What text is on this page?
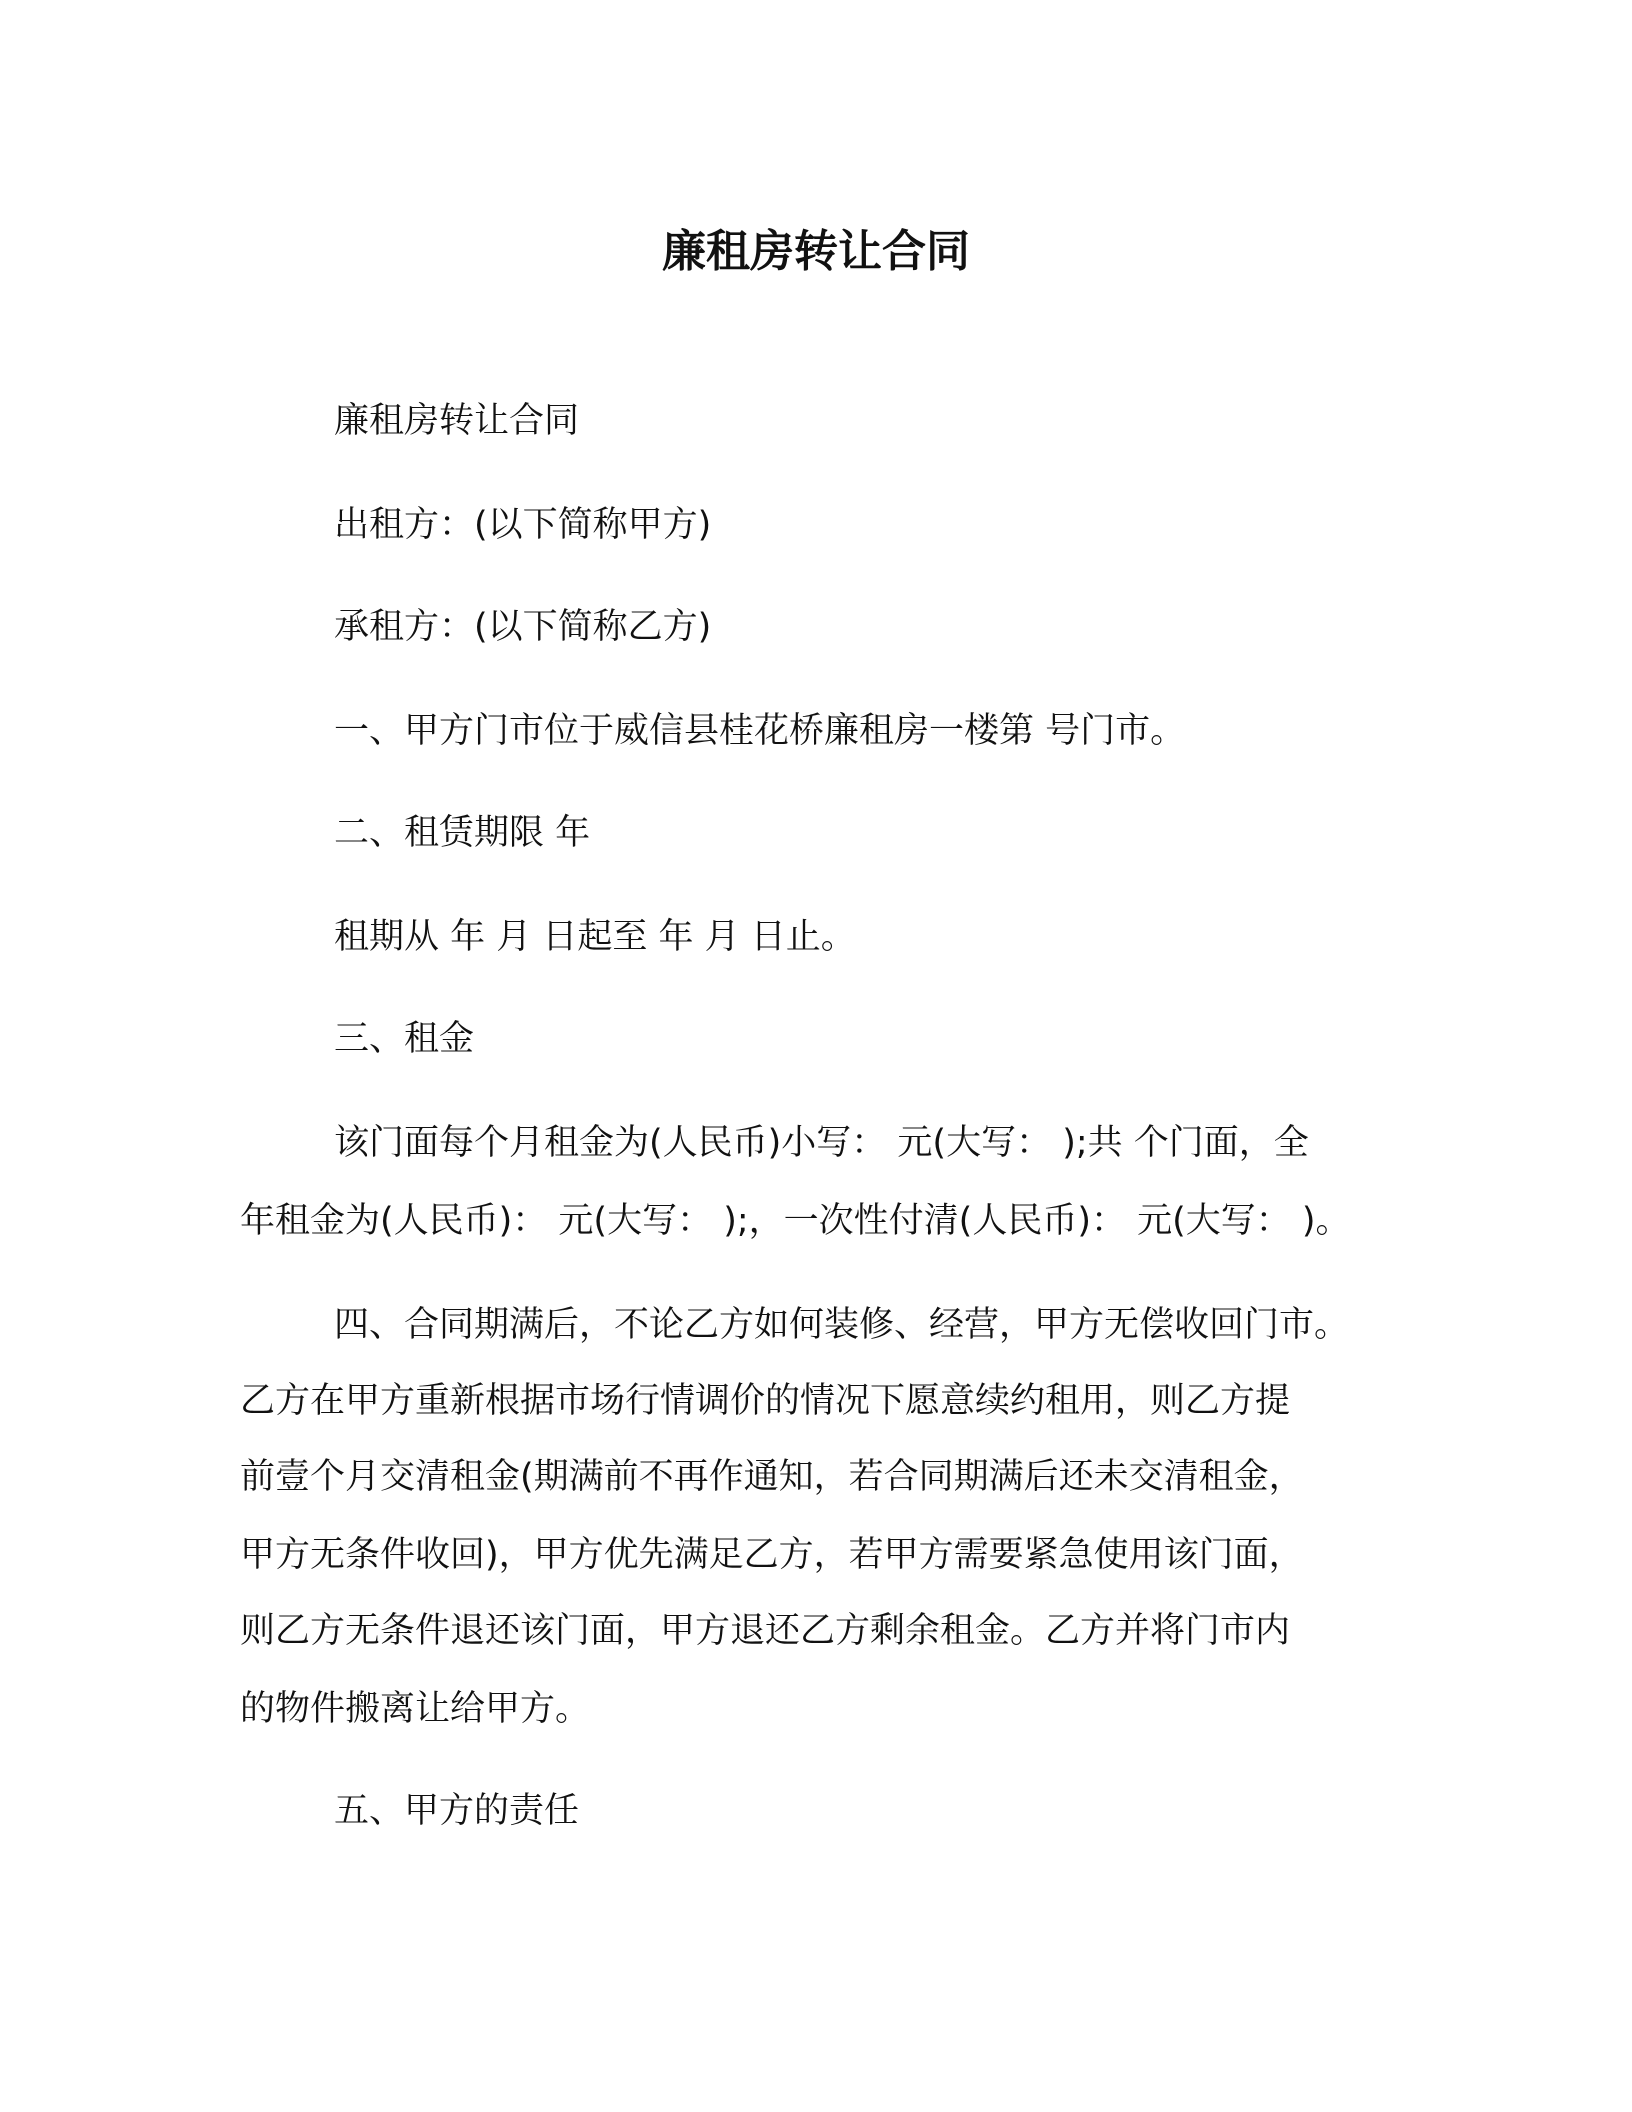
廉租房转让合同
廉租房转让合同
出租方：(以下简称甲方)
承租方：(以下简称乙方)
一、甲方门市位于威信县桂花桥廉租房一楼第 号门市。
二、租赁期限 年
租期从 年 月 日起至 年 月 日止。
三、租金
该门面每个月租金为(人民币)小写： 元(大写： );共 个门面，全
年租金为(人民币)： 元(大写： );，一次性付清(人民币)： 元(大写： )。
四、合同期满后，不论乙方如何装修、经营，甲方无偿收回门市。
乙方在甲方重新根据市场行情调价的情况下愿意续约租用，则乙方提
前壹个月交清租金(期满前不再作通知，若合同期满后还未交清租金，
甲方无条件收回)，甲方优先满足乙方，若甲方需要紧急使用该门面，
则乙方无条件退还该门面，甲方退还乙方剩余租金。乙方并将门市内
的物件搬离让给甲方。
五、甲方的责任
